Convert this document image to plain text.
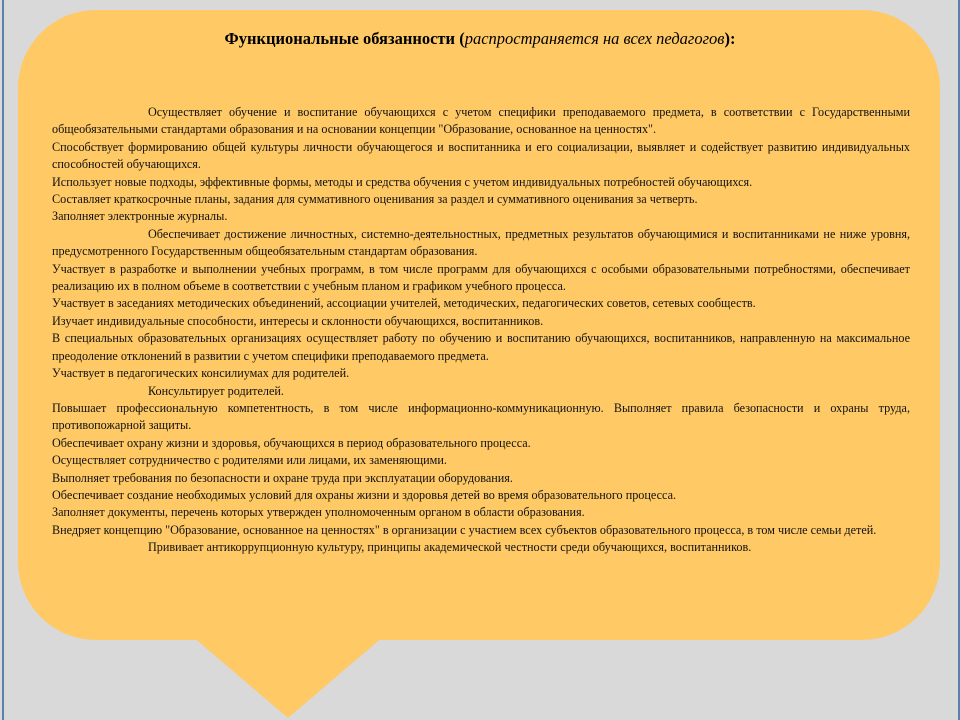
Функциональные обязанности (распространяется на всех педагогов):

Осуществляет обучение и воспитание обучающихся с учетом специфики преподаваемого предмета, в соответствии с Государственными общеобязательными стандартами образования и на основании концепции "Образование, основанное на ценностях".

Способствует формированию общей культуры личности обучающегося и воспитанника и его социализации, выявляет и содействует развитию индивидуальных способностей обучающихся.

Использует новые подходы, эффективные формы, методы и средства обучения с учетом индивидуальных потребностей обучающихся.

Составляет краткосрочные планы, задания для суммативного оценивания за раздел и суммативного оценивания за четверть.

Заполняет электронные журналы.

Обеспечивает достижение личностных, системно-деятельностных, предметных результатов обучающимися и воспитанниками не ниже уровня, предусмотренного Государственным общеобязательным стандартам образования.

Участвует в разработке и выполнении учебных программ, в том числе программ для обучающихся с особыми образовательными потребностями, обеспечивает реализацию их в полном объеме в соответствии с учебным планом и графиком учебного процесса.

Участвует в заседаниях методических объединений, ассоциации учителей, методических, педагогических советов, сетевых сообществ.

Изучает индивидуальные способности, интересы и склонности обучающихся, воспитанников.

В специальных образовательных организациях осуществляет работу по обучению и воспитанию обучающихся, воспитанников, направленную на максимальное преодоление отклонений в развитии с учетом специфики преподаваемого предмета.

Участвует в педагогических консилиумах для родителей.

Консультирует родителей.

Повышает профессиональную компетентность, в том числе информационно-коммуникационную. Выполняет правила безопасности и охраны труда, противопожарной защиты.

Обеспечивает охрану жизни и здоровья, обучающихся в период образовательного процесса.

Осуществляет сотрудничество с родителями или лицами, их заменяющими.

Выполняет требования по безопасности и охране труда при эксплуатации оборудования.

Обеспечивает создание необходимых условий для охраны жизни и здоровья детей во время образовательного процесса.

Заполняет документы, перечень которых утвержден уполномоченным органом в области образования.

Внедряет концепцию "Образование, основанное на ценностях" в организации с участием всех субъектов образовательного процесса, в том числе семьи детей.

Прививает антикоррупционную культуру, принципы академической честности среди обучающихся, воспитанников.
